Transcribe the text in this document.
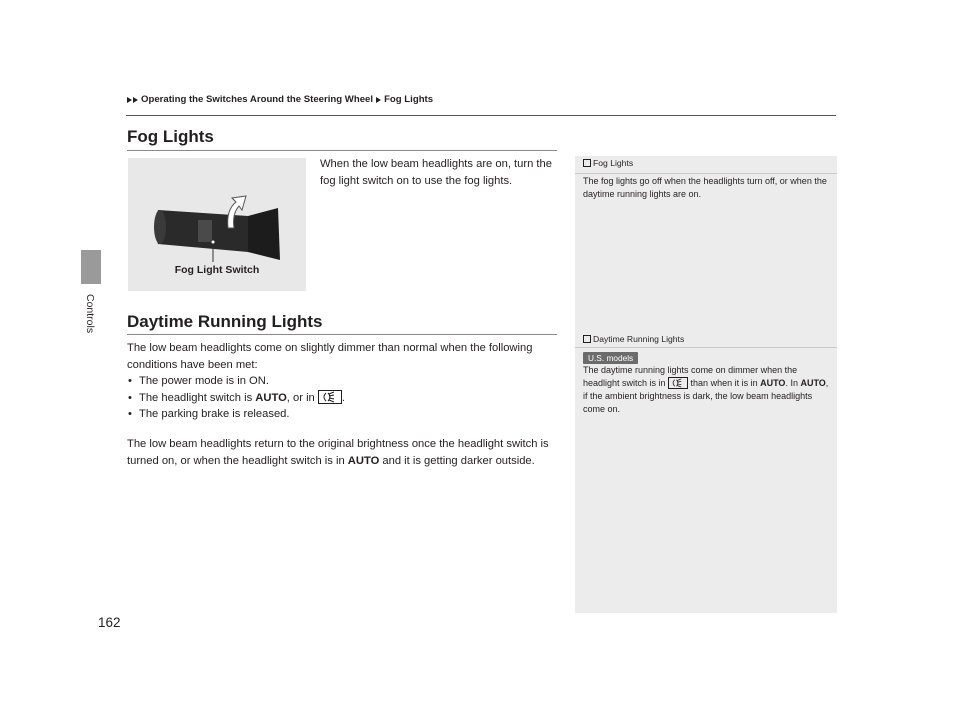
Operating the Switches Around the Steering Wheel Fog Lights
Controls
162
Fog Lights
Fog Light Switch
When the low beam headlights are on, turn the fog light switch on to use the fog lights.
Daytime Running Lights
The low beam headlights come on slightly dimmer than normal when the following conditions have been met:
• The power mode is in ON.
• The headlight switch is AUTO, or in .
• The parking brake is released.
The low beam headlights return to the original brightness once the headlight switch is turned on, or when the headlight switch is in AUTO and it is getting darker outside.
Fog Lights
The fog lights go off when the headlights turn off, or when the daytime running lights are on.
Daytime Running Lights
U.S. models
The daytime running lights come on dimmer when the headlight switch is in  than when it is in AUTO. In AUTO, if the ambient brightness is dark, the low beam headlights come on.
